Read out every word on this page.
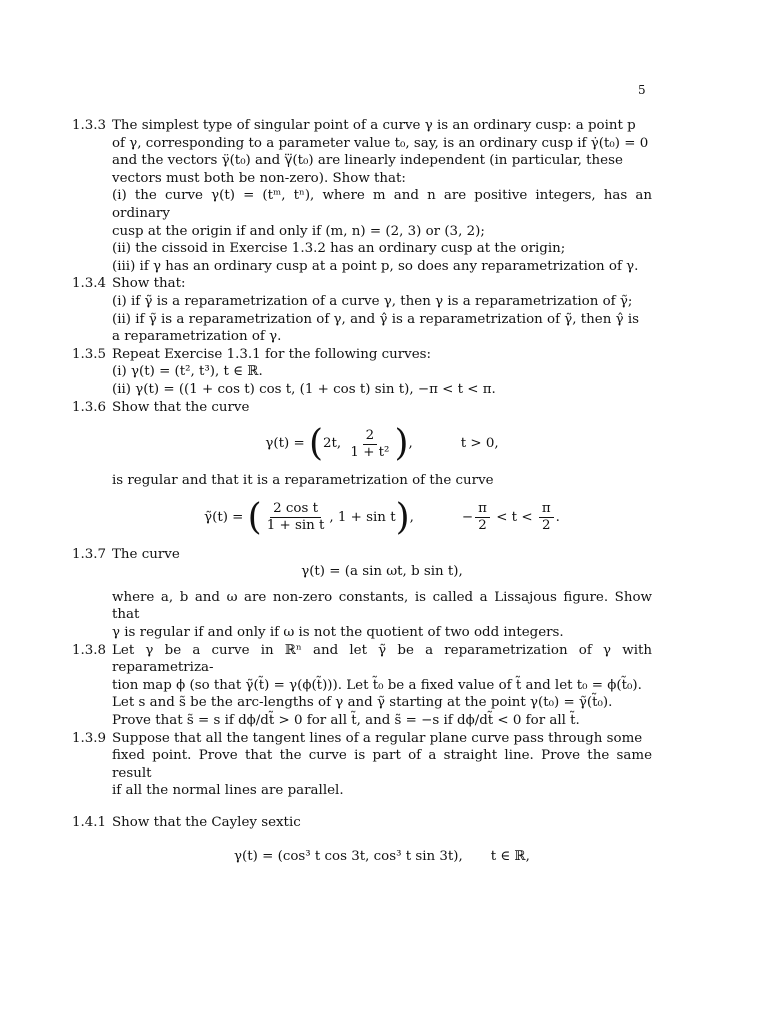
5
1.3.3 The simplest type of singular point of a curve γ is an ordinary cusp: a point p
of γ, corresponding to a parameter value t₀, say, is an ordinary cusp if γ̇(t₀) = 0
and the vectors γ̈(t₀) and γ⃛(t₀) are linearly independent (in particular, these
vectors must both be non-zero). Show that:
(i) the curve γ(t) = (tᵐ, tⁿ), where m and n are positive integers, has an ordinary
cusp at the origin if and only if (m, n) = (2, 3) or (3, 2);
(ii) the cissoid in Exercise 1.3.2 has an ordinary cusp at the origin;
(iii) if γ has an ordinary cusp at a point p, so does any reparametrization of γ.
1.3.4 Show that:
(i) if γ̃ is a reparametrization of a curve γ, then γ is a reparametrization of γ̃;
(ii) if γ̃ is a reparametrization of γ, and γ̂ is a reparametrization of γ̃, then γ̂ is
a reparametrization of γ.
1.3.5 Repeat Exercise 1.3.1 for the following curves:
(i) γ(t) = (t², t³), t ∈ ℝ.
(ii) γ(t) = ((1 + cos t) cos t, (1 + cos t) sin t), −π < t < π.
1.3.6 Show that the curve
γ(t) =
( 2t,
$\frac{2}{\text{1 + t²}}$ ) ,	t > 0,
is regular and that it is a reparametrization of the curve
γ̃(t) =
( $\frac{\text{2 cos t}}{\text{1 + sin t}}$ , 1 + sin t ) ,	− $\frac{\pi}{2}$
< t <
$\frac{\pi}{2}$ .
1.3.7 The curve
γ(t) = (a sin ωt, b sin t),
where a, b and ω are non-zero constants, is called a Lissajous figure. Show that
γ is regular if and only if ω is not the quotient of two odd integers.
1.3.8 Let γ be a curve in ℝⁿ and let γ̃ be a reparametrization of γ with reparametriza-
tion map ϕ (so that γ̃(t̃) = γ(ϕ(t̃))). Let t̃₀ be a fixed value of t̃ and let t₀ = ϕ(t̃₀).
Let s and s̃ be the arc-lengths of γ and γ̃ starting at the point γ(t₀) = γ̃(t̃₀).
Prove that s̃ = s if dϕ/dt̃ > 0 for all t̃, and s̃ = −s if dϕ/dt̃ < 0 for all t̃.
1.3.9 Suppose that all the tangent lines of a regular plane curve pass through some
fixed point. Prove that the curve is part of a straight line. Prove the same result
if all the normal lines are parallel.
1.4.1 Show that the Cayley sextic
γ(t) = (cos³ t cos 3t, cos³ t sin 3t), t ∈ ℝ,
